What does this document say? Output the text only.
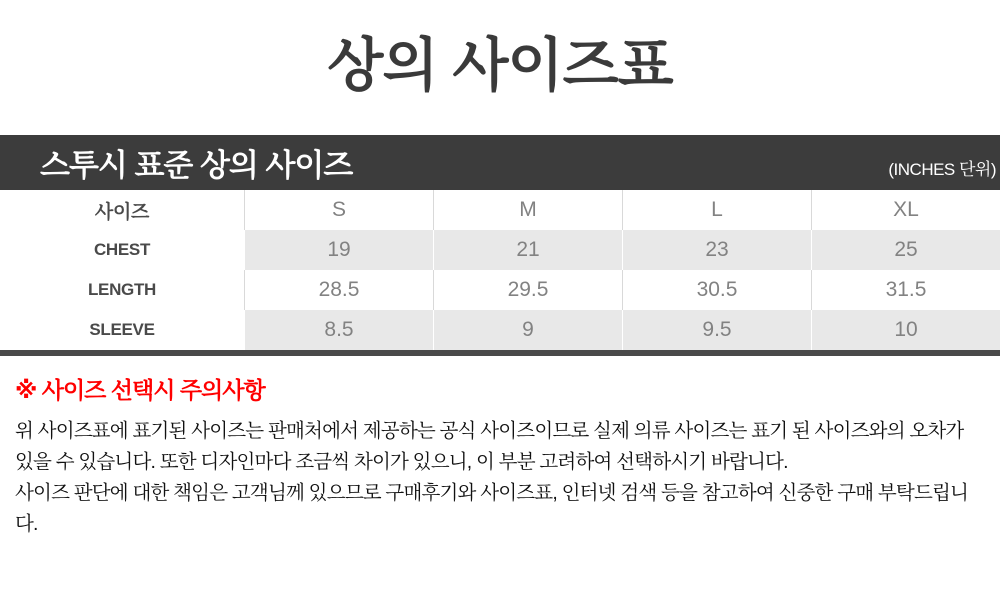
상의 사이즈표
스투시 표준 상의 사이즈	(INCHES 단위)
사이즈	S	M	L	XL
CHEST	19	21	23	25
LENGTH	28.5	29.5	30.5	31.5
SLEEVE	8.5	9	9.5	10
※ 사이즈 선택시 주의사항
위 사이즈표에 표기된 사이즈는 판매처에서 제공하는 공식 사이즈이므로 실제 의류 사이즈는 표기 된 사이즈와의 오차가
있을 수 있습니다. 또한 디자인마다 조금씩 차이가 있으니, 이 부분 고려하여 선택하시기 바랍니다.
사이즈 판단에 대한 책임은 고객님께 있으므로 구매후기와 사이즈표, 인터넷 검색 등을 참고하여 신중한 구매 부탁드립니다.
